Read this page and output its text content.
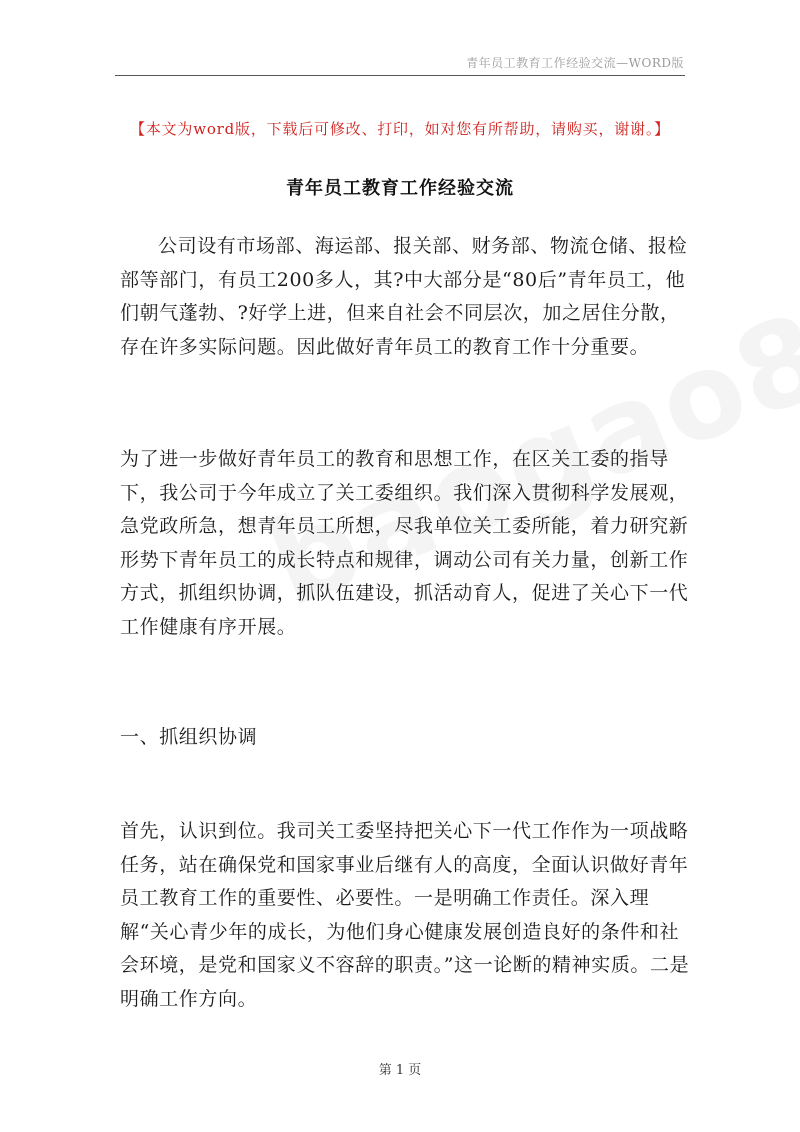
青年员工教育工作经验交流—WORD版
【本文为word版，下载后可修改、打印，如对您有所帮助，请购买，谢谢。】
青年员工教育工作经验交流
公司设有市场部、海运部、报关部、财务部、物流仓储、报检部等部门，有员工200多人，其?中大部分是“80后”青年员工，他们朝气蓬勃、?好学上进，但来自社会不同层次，加之居住分散，存在许多实际问题。因此做好青年员工的教育工作十分重要。
为了进一步做好青年员工的教育和思想工作，在区关工委的指导下，我公司于今年成立了关工委组织。我们深入贯彻科学发展观，急党政所急，想青年员工所想，尽我单位关工委所能，着力研究新形势下青年员工的成长特点和规律，调动公司有关力量，创新工作方式，抓组织协调，抓队伍建设，抓活动育人，促进了关心下一代工作健康有序开展。
一、抓组织协调
首先，认识到位。我司关工委坚持把关心下一代工作作为一项战略任务，站在确保党和国家事业后继有人的高度，全面认识做好青年员工教育工作的重要性、必要性。一是明确工作责任。深入理解“关心青少年的成长，为他们身心健康发展创造良好的条件和社会环境，是党和国家义不容辞的职责。”这一论断的精神实质。二是明确工作方向。
第 1 页
